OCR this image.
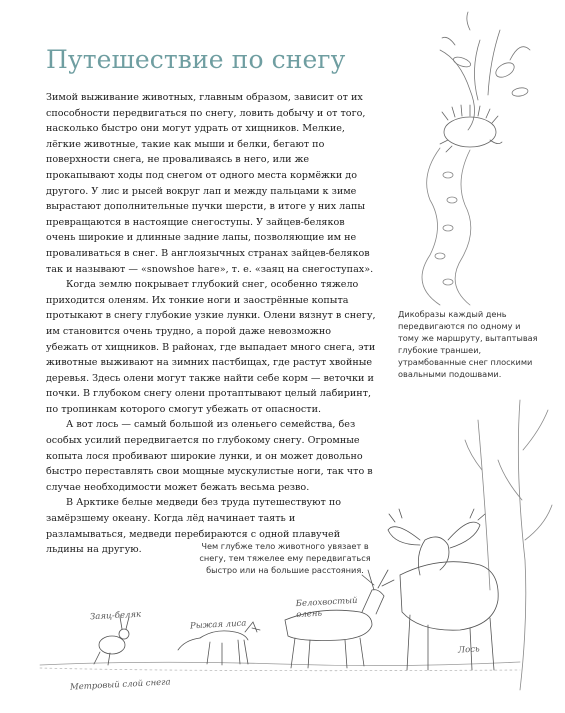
Путешествие по снегу

Зимой выживание животных, главным образом, зависит от их способности передвигаться по снегу, ловить добычу и от того, насколько быстро они могут удрать от хищников. Мелкие, лёгкие животные, такие как мыши и белки, бегают по поверхности снега, не проваливаясь в него, или же прокапывают ходы под снегом от одного места кормёжки до другого. У лис и рысей вокруг лап и между пальцами к зиме вырастают дополнительные пучки шерсти, в итоге у них лапы превращаются в настоящие снегоступы. У зайцев-беляков очень широкие и длинные задние лапы, позволяющие им не проваливаться в снег. В англоязычных странах зайцев-беляков так и называют — «snowshoe hare», т. е. «заяц на снегоступах».

Когда землю покрывает глубокий снег, особенно тяжело приходится оленям. Их тонкие ноги и заострённые копыта протыкают в снегу глубокие узкие лунки. Олени вязнут в снегу, им становится очень трудно, а порой даже невозможно убежать от хищников. В районах, где выпадает много снега, эти животные выживают на зимних пастбищах, где растут хвойные деревья. Здесь олени могут также найти себе корм — веточки и почки. В глубоком снегу олени протаптывают целый лабиринт, по тропинкам которого смогут убежать от опасности.

А вот лось — самый большой из оленьего семейства, без особых усилий передвигается по глубокому снегу. Огромные копыта лося пробивают широкие лунки, и он может довольно быстро переставлять свои мощные мускулистые ноги, так что в случае необходимости может бежать весьма резво.

В Арктике белые медведи без труда путешествуют по замёрзшему океану. Когда лёд начинает таять и разламываться, медведи перебираются с одной плавучей льдины на другую.

Дикобразы каждый день передвигаются по одному и тому же маршруту, вытаптывая глубокие траншеи, утрамбованные снег плоскими овальными подошвами.
Чем глубже тело животного увязает в снегу, тем тяжелее ему передвигаться быстро или на большие расстояния.
Заяц-беляк
Рыжая лиса
Белохвостый олень
Лось
Метровый слой снега
